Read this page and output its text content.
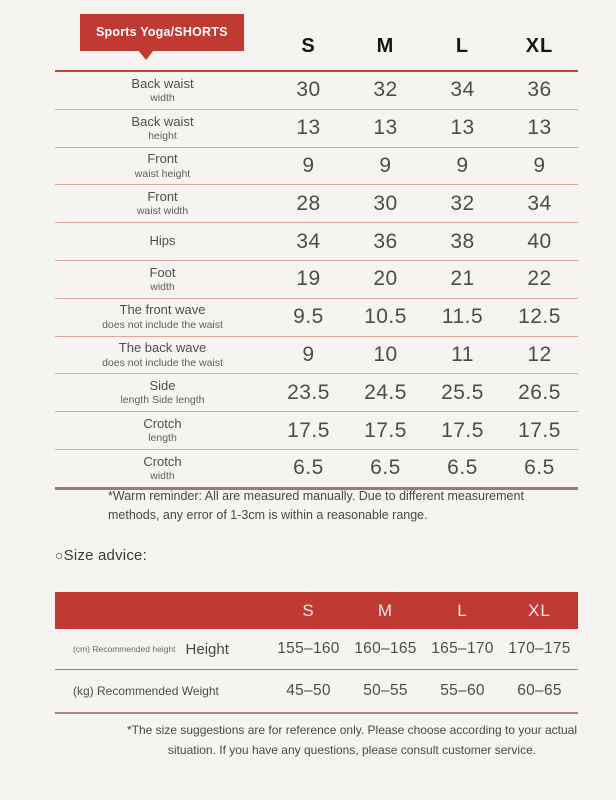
Sports Yoga/SHORTS
S	M	L	XL
Back waist
width	30	32	34	36
Back waist
height	13	13	13	13
Front
waist height	9	9	9	9
Front
waist width	28	30	32	34
Hips	34	36	38	40
Foot
width	19	20	21	22
The front wave
does not include the waist	9.5	10.5	11.5	12.5
The back wave
does not include the waist	9	10	11	12
Side
length Side length	23.5	24.5	25.5	26.5
Crotch
length	17.5	17.5	17.5	17.5
Crotch
width	6.5	6.5	6.5	6.5
*Warm reminder: All are measured manually. Due to different measurement methods, any error of 1-3cm is within a reasonable range.
○Size advice:
S	M	L	XL
(cm) Recommended height Height	155–160 160–165 165–170 170–175
(kg) Recommended Weight	45–50	50–55	55–60	60–65
*The size suggestions are for reference only. Please choose according to your actual situation. If you have any questions, please consult customer service.
